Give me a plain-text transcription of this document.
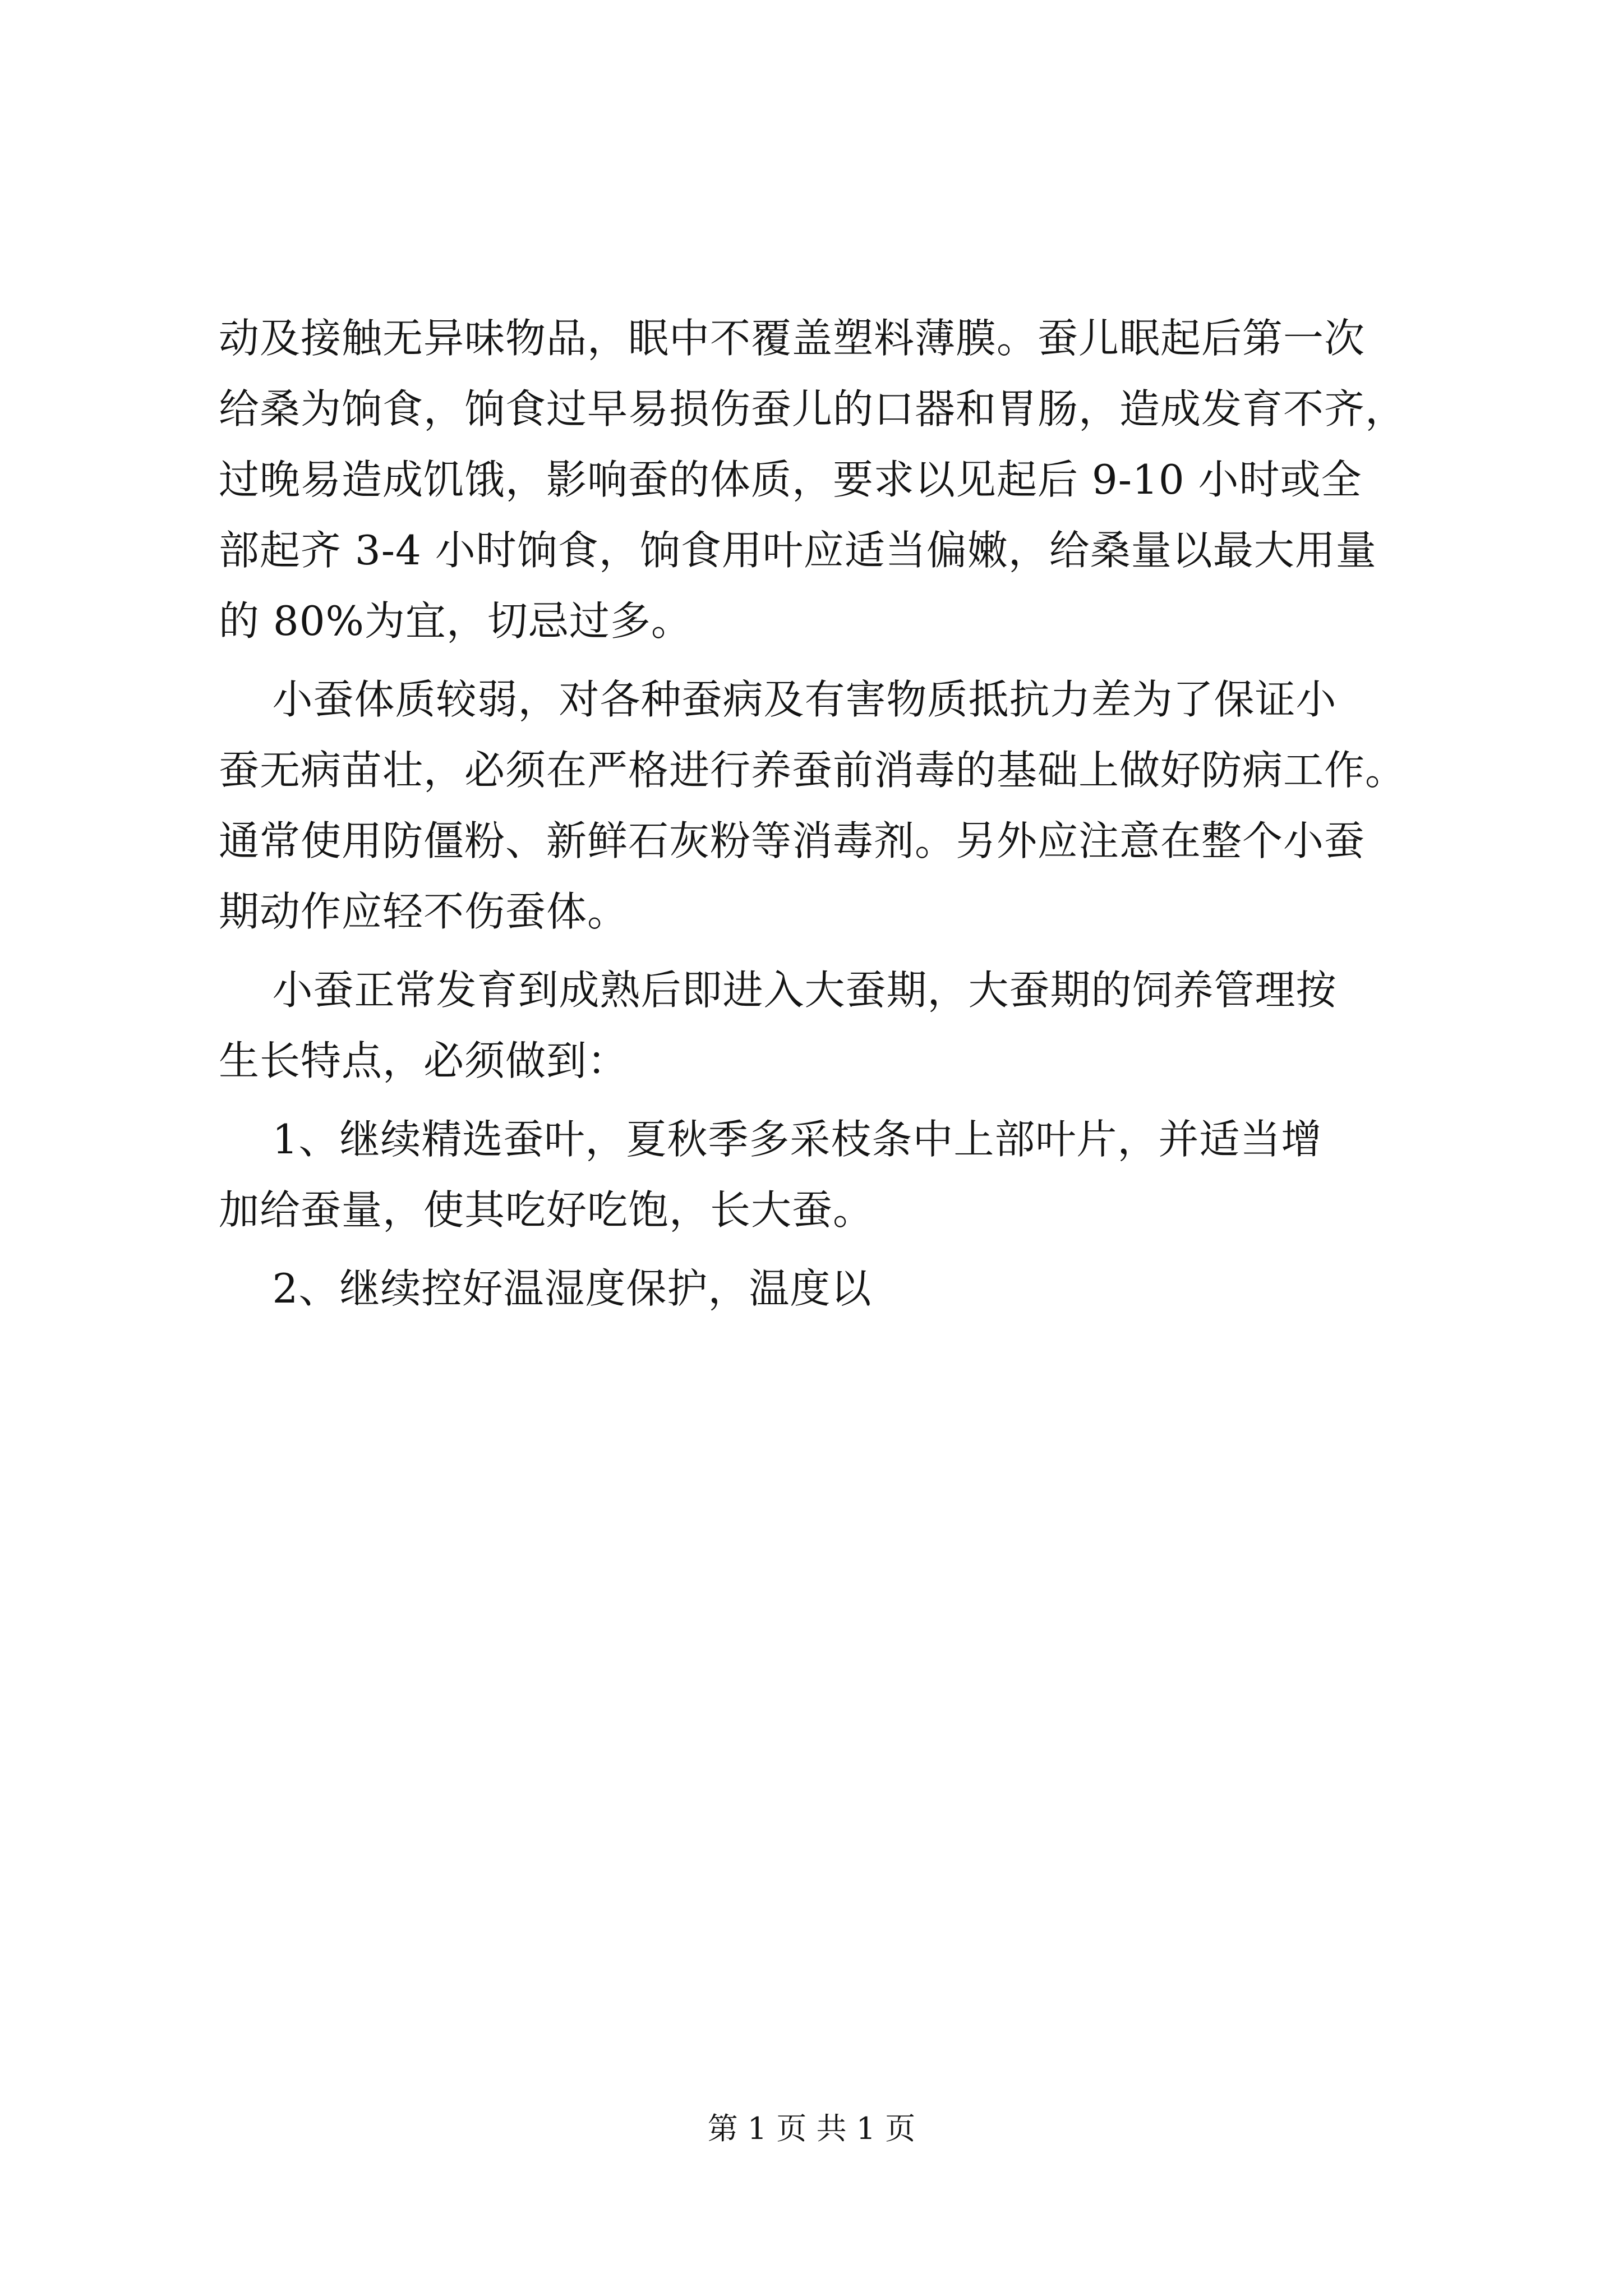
动及接触无异味物品，眠中不覆盖塑料薄膜。蚕儿眠起后第一次
给桑为饷食，饷食过早易损伤蚕儿的口器和胃肠，造成发育不齐，
过晚易造成饥饿，影响蚕的体质，要求以见起后 9-10 小时或全
部起齐 3-4 小时饷食，饷食用叶应适当偏嫩，给桑量以最大用量
的 80%为宜，切忌过多。
小蚕体质较弱，对各种蚕病及有害物质抵抗力差为了保证小
蚕无病苗壮，必须在严格进行养蚕前消毒的基础上做好防病工作。
通常使用防僵粉、新鲜石灰粉等消毒剂。另外应注意在整个小蚕
期动作应轻不伤蚕体。
小蚕正常发育到成熟后即进入大蚕期，大蚕期的饲养管理按
生长特点，必须做到：
1、继续精选蚕叶，夏秋季多采枝条中上部叶片，并适当增
加给蚕量，使其吃好吃饱，长大蚕。
2、继续控好温湿度保护，温度以
第 1 页 共 1 页
